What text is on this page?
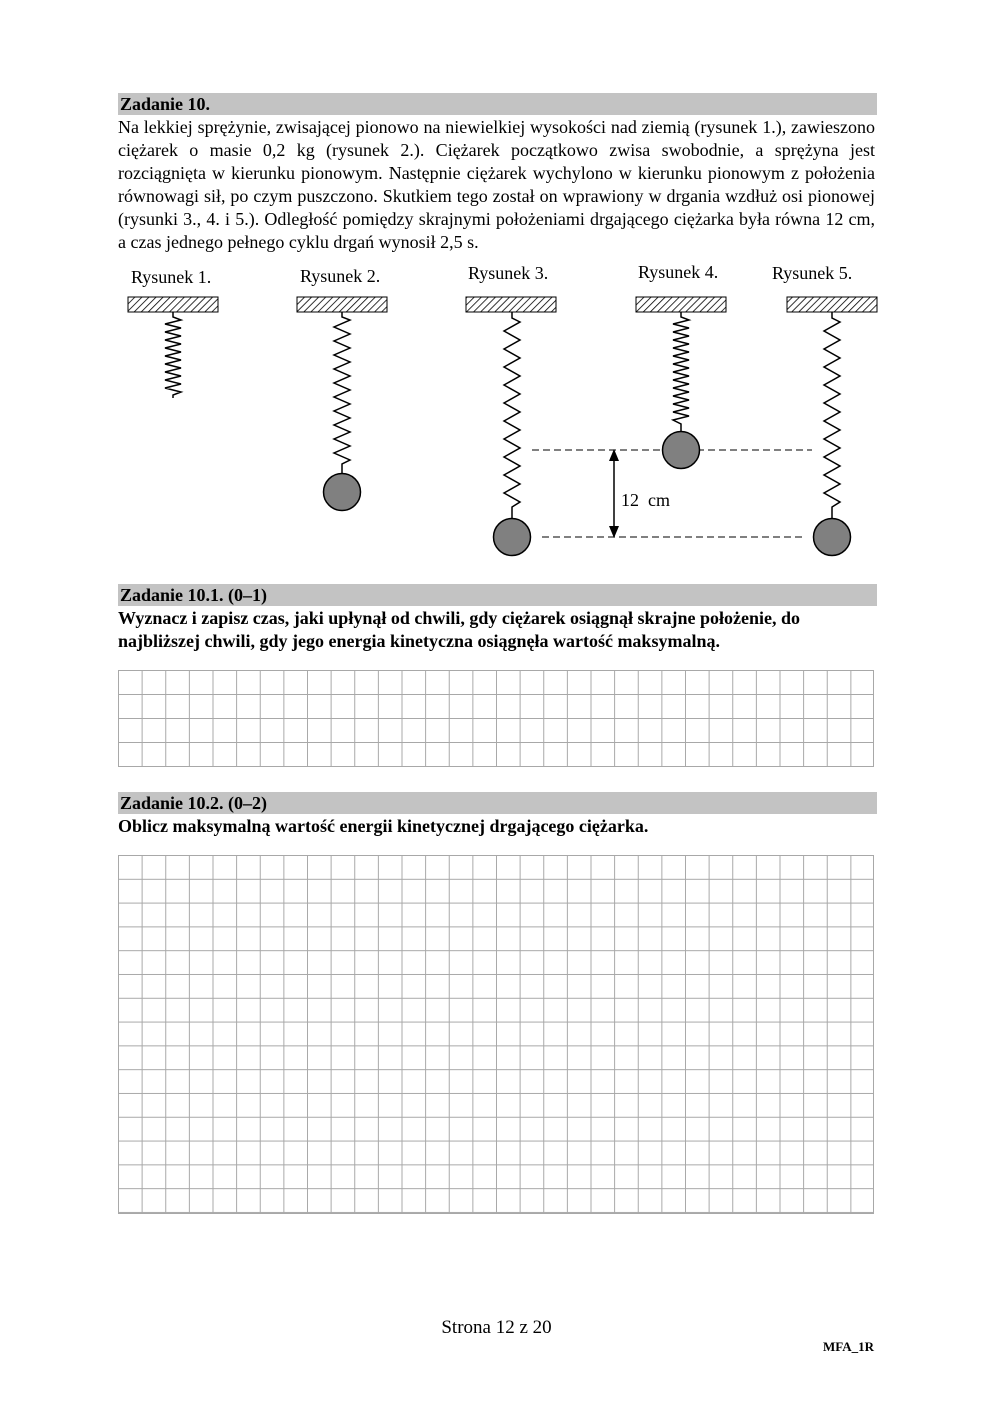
Zadanie 10.

Na lekkiej sprężynie, zwisającej pionowo na niewielkiej wysokości nad ziemią (rysunek 1.), zawieszono ciężarek o masie 0,2 kg (rysunek 2.). Ciężarek początkowo zwisa swobodnie, a sprężyna jest rozciągnięta w kierunku pionowym. Następnie ciężarek wychylono w kierunku pionowym z położenia równowagi sił, po czym puszczono. Skutkiem tego został on wprawiony w drgania wzdłuż osi pionowej (rysunki 3., 4. i 5.). Odległość pomiędzy skrajnymi położeniami drgającego ciężarka była równa 12 cm, a czas jednego pełnego cyklu drgań wynosił 2,5 s.

Rysunek 1.	Rysunek 2.	Rysunek 3.	Rysunek 4.	Rysunek 5.
12  cm
Zadanie 10.1. (0–1)

Wyznacz i zapisz czas, jaki upłynął od chwili, gdy ciężarek osiągnął skrajne położenie, do najbliższej chwili, gdy jego energia kinetyczna osiągnęła wartość maksymalną.

Zadanie 10.2. (0–2)

Oblicz maksymalną wartość energii kinetycznej drgającego ciężarka.

Strona 12 z 20
MFA_1R
